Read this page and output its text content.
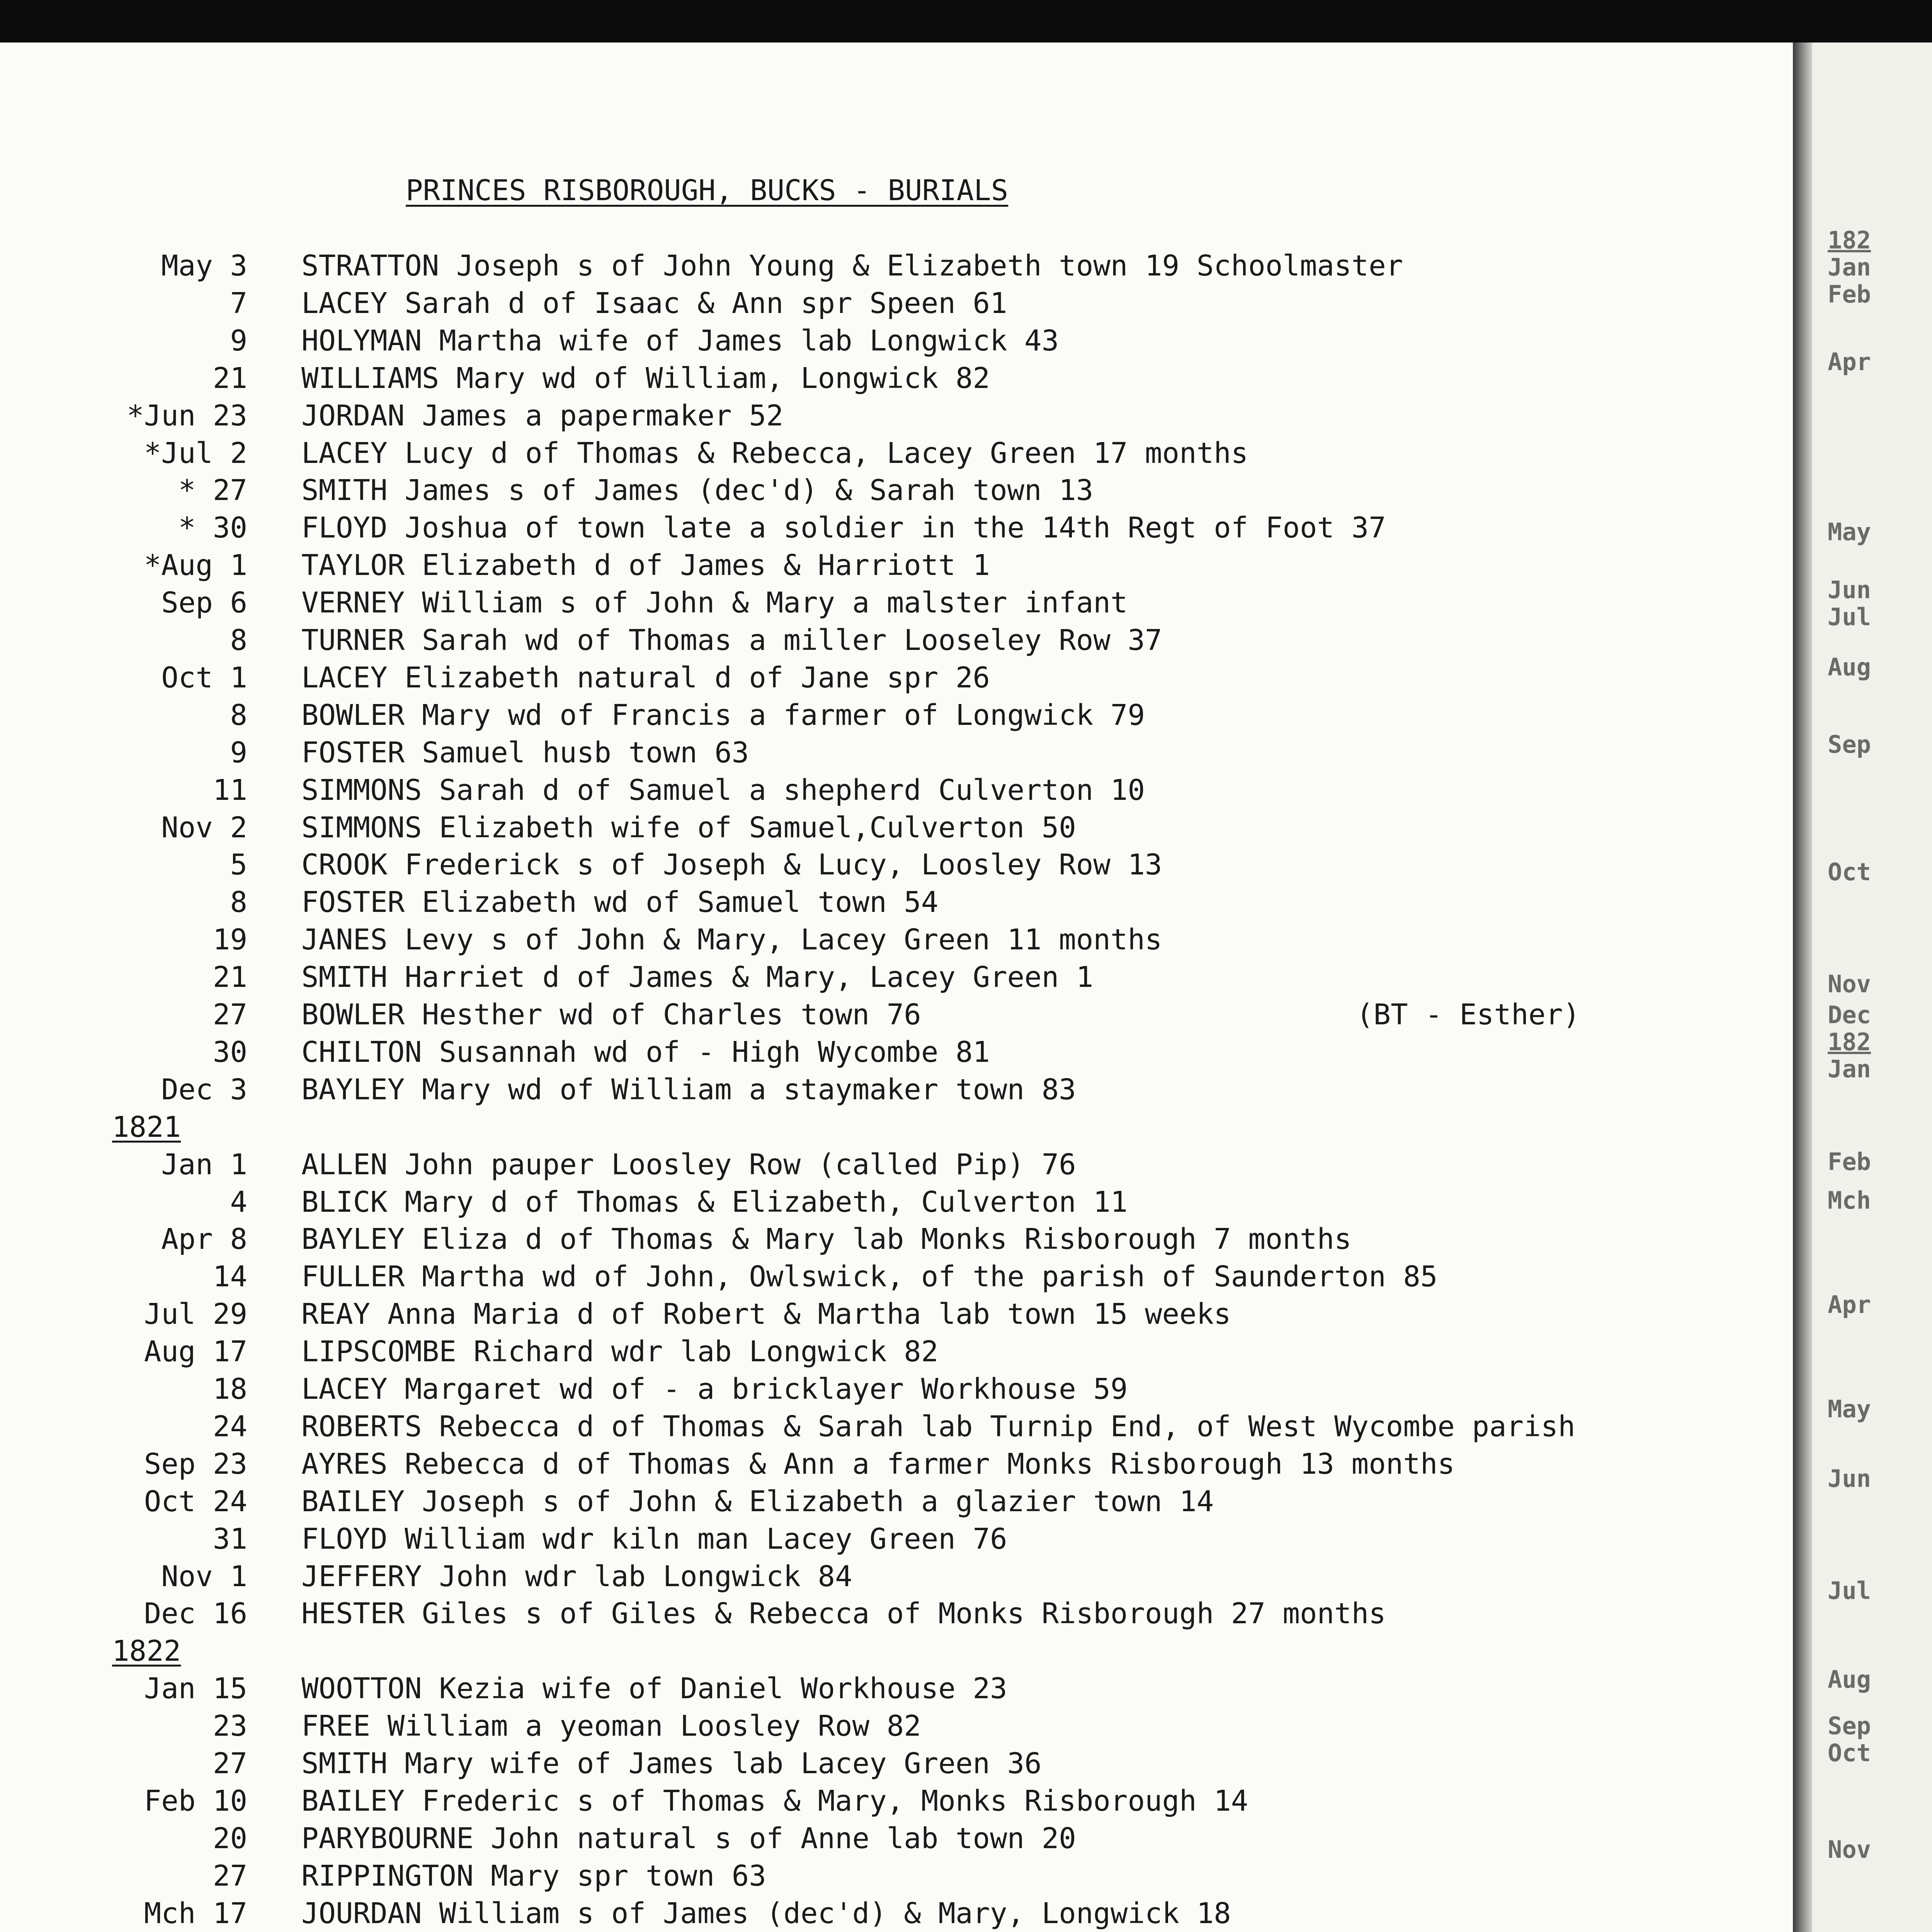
PRINCES RISBOROUGH, BUCKS - BURIALS
May 3 STRATTON Joseph s of John Young & Elizabeth town 19 Schoolmaster
7 LACEY Sarah d of Isaac & Ann spr Speen 61
9 HOLYMAN Martha wife of James lab Longwick 43
21 WILLIAMS Mary wd of William, Longwick 82
*Jun 23 JORDAN James a papermaker 52
*Jul 2 LACEY Lucy d of Thomas & Rebecca, Lacey Green 17 months
* 27 SMITH James s of James (dec'd) & Sarah town 13
* 30 FLOYD Joshua of town late a soldier in the 14th Regt of Foot 37
*Aug 1 TAYLOR Elizabeth d of James & Harriott 1
Sep 6 VERNEY William s of John & Mary a malster infant
8 TURNER Sarah wd of Thomas a miller Looseley Row 37
Oct 1 LACEY Elizabeth natural d of Jane spr 26
8 BOWLER Mary wd of Francis a farmer of Longwick 79
9 FOSTER Samuel husb town 63
11 SIMMONS Sarah d of Samuel a shepherd Culverton 10
Nov 2 SIMMONS Elizabeth wife of Samuel,Culverton 50
5 CROOK Frederick s of Joseph & Lucy, Loosley Row 13
8 FOSTER Elizabeth wd of Samuel town 54
19 JANES Levy s of John & Mary, Lacey Green 11 months
21 SMITH Harriet d of James & Mary, Lacey Green 1
27 BOWLER Hesther wd of Charles town 76	(BT - Esther)
30 CHILTON Susannah wd of - High Wycombe 81
Dec 3 BAYLEY Mary wd of William a staymaker town 83
1821
Jan 1 ALLEN John pauper Loosley Row (called Pip) 76
4 BLICK Mary d of Thomas & Elizabeth, Culverton 11
Apr 8 BAYLEY Eliza d of Thomas & Mary lab Monks Risborough 7 months
14 FULLER Martha wd of John, Owlswick, of the parish of Saunderton 85
Jul 29 REAY Anna Maria d of Robert & Martha lab town 15 weeks
Aug 17 LIPSCOMBE Richard wdr lab Longwick 82
18 LACEY Margaret wd of - a bricklayer Workhouse 59
24 ROBERTS Rebecca d of Thomas & Sarah lab Turnip End, of West Wycombe parish
Sep 23 AYRES Rebecca d of Thomas & Ann a farmer Monks Risborough 13 months
Oct 24 BAILEY Joseph s of John & Elizabeth a glazier town 14
31 FLOYD William wdr kiln man Lacey Green 76
Nov 1 JEFFERY John wdr lab Longwick 84
Dec 16 HESTER Giles s of Giles & Rebecca of Monks Risborough 27 months
1822
Jan 15 WOOTTON Kezia wife of Daniel Workhouse 23
23 FREE William a yeoman Loosley Row 82
27 SMITH Mary wife of James lab Lacey Green 36
Feb 10 BAILEY Frederic s of Thomas & Mary, Monks Risborough 14
20 PARYBOURNE John natural s of Anne lab town 20
27 RIPPINGTON Mary spr town 63
Mch 17 JOURDAN William s of James (dec'd) & Mary, Longwick 18
182
Jan
Feb
Apr
May
Jun
Jul
Aug
Sep
Oct
Nov
Dec
182
Jan
Feb
Mch
Apr
May
Jun
Jul
Aug
Sep
Oct
Nov
